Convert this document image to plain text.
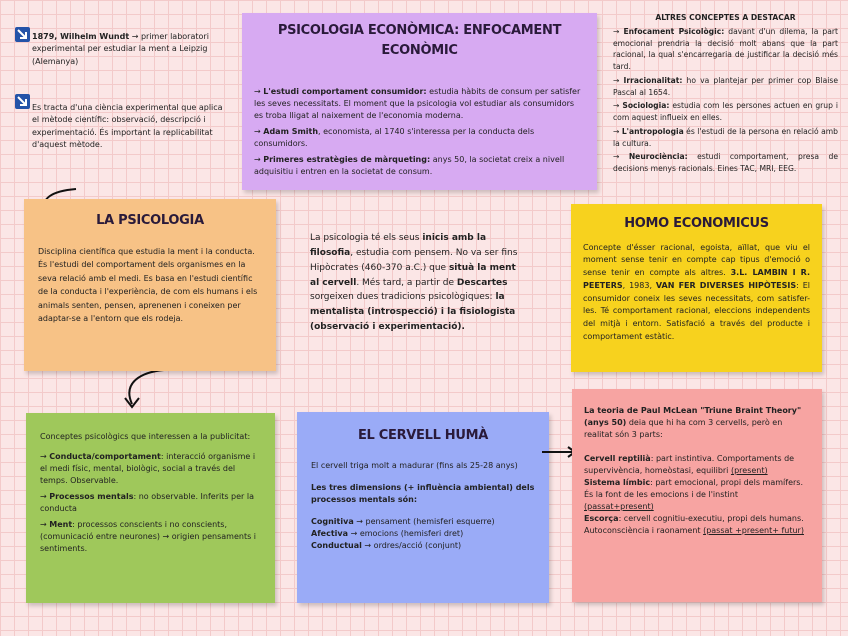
PSICOLOGIA ECONÒMICA: ENFOCAMENT ECONÒMIC

→ L'estudi comportament consumidor: estudia hàbits de consum per satisfer les seves necessitats. El moment que la psicologia vol estudiar als consumidors es troba lligat al naixement de l'economia moderna.

→ Adam Smith, economista, al 1740 s'interessa per la conducta dels consumidors.

→ Primeres estratègies de màrqueting: anys 50, la societat creix a nivell adquisitiu i entren en la societat de consum.

1879, Wilhelm Wundt → primer laboratori experimental per estudiar la ment a Leipzig (Alemanya)
Es tracta d'una ciència experimental que aplica el mètode científic: observació, descripció i experimentació. És important la replicabilitat d'aquest mètode.
ALTRES CONCEPTES A DESTACAR

→ Enfocament Psicològic: davant d'un dilema, la part emocional prendria la decisió molt abans que la part racional, la qual s'encarregaria de justificar la decisió més tard.

→ Irracionalitat: ho va plantejar per primer cop Blaise Pascal al 1654.

→ Sociologia: estudia com les persones actuen en grup i com aquest influeix en elles.

→ L'antropologia és l'estudi de la persona en relació amb la cultura.

→ Neurociència: estudi comportament, presa de decisions menys racionals. Eines TAC, MRI, EEG.

LA PSICOLOGIA

Disciplina científica que estudia la ment i la conducta. És l'estudi del comportament dels organismes en la seva relació amb el medi. Es basa en l'estudi científic de la conducta i l'experiència, de com els humans i els animals senten, pensen, aprenenen i coneixen per adaptar-se a l'entorn que els rodeja.

La psicologia té els seus inicis amb la filosofia, estudia com pensem. No va ser fins Hipòcrates (460-370 a.C.) que situà la ment al cervell. Més tard, a partir de Descartes sorgeixen dues tradicions psicològiques: la mentalista (introspecció) i la fisiologista (observació i experimentació).
HOMO ECONOMICUS

Concepte d'ésser racional, egoista, aïllat, que viu el moment sense tenir en compte cap tipus d'emoció o sense tenir en compte als altres. 3.L. LAMBIN I R. PEETERS, 1983, VAN FER DIVERSES HIPÒTESIS: El consumidor coneix les seves necessitats, com satisfer-les. Té comportament racional, eleccions independents del mitjà i entorn. Satisfació a través del producte i comportament estàtic.

Conceptes psicològics que interessen a la publicitat:

→ Conducta/comportament: interacció organisme i el medi físic, mental, biològic, social a través del temps. Observable.

→ Processos mentals: no observable. Inferits per la conducta

→ Ment: processos conscients i no conscients, (comunicació entre neurones) → origien pensaments i sentiments.

EL CERVELL HUMÀ

El cervell triga molt a madurar (fins als 25-28 anys)

Les tres dimensions (+ influència ambiental) dels processos mentals són:

Cognitiva → pensament (hemisferi esquerre)

Afectiva → emocions (hemisferi dret)

Conductual → ordres/acció (conjunt)

La teoria de Paul McLean "Triune Braint Theory" (anys 50) deia que hi ha com 3 cervells, però en realitat són 3 parts:

Cervell reptilià: part instintiva. Comportaments de supervivència, homeòstasi, equilibri (present)

Sistema límbic: part emocional, propi dels mamífers. És la font de les emocions i de l'instint (passat+present)

Escorça: cervell cognitiu-executiu, propi dels humans. Autoconsciència i raonament (passat +present+ futur)
